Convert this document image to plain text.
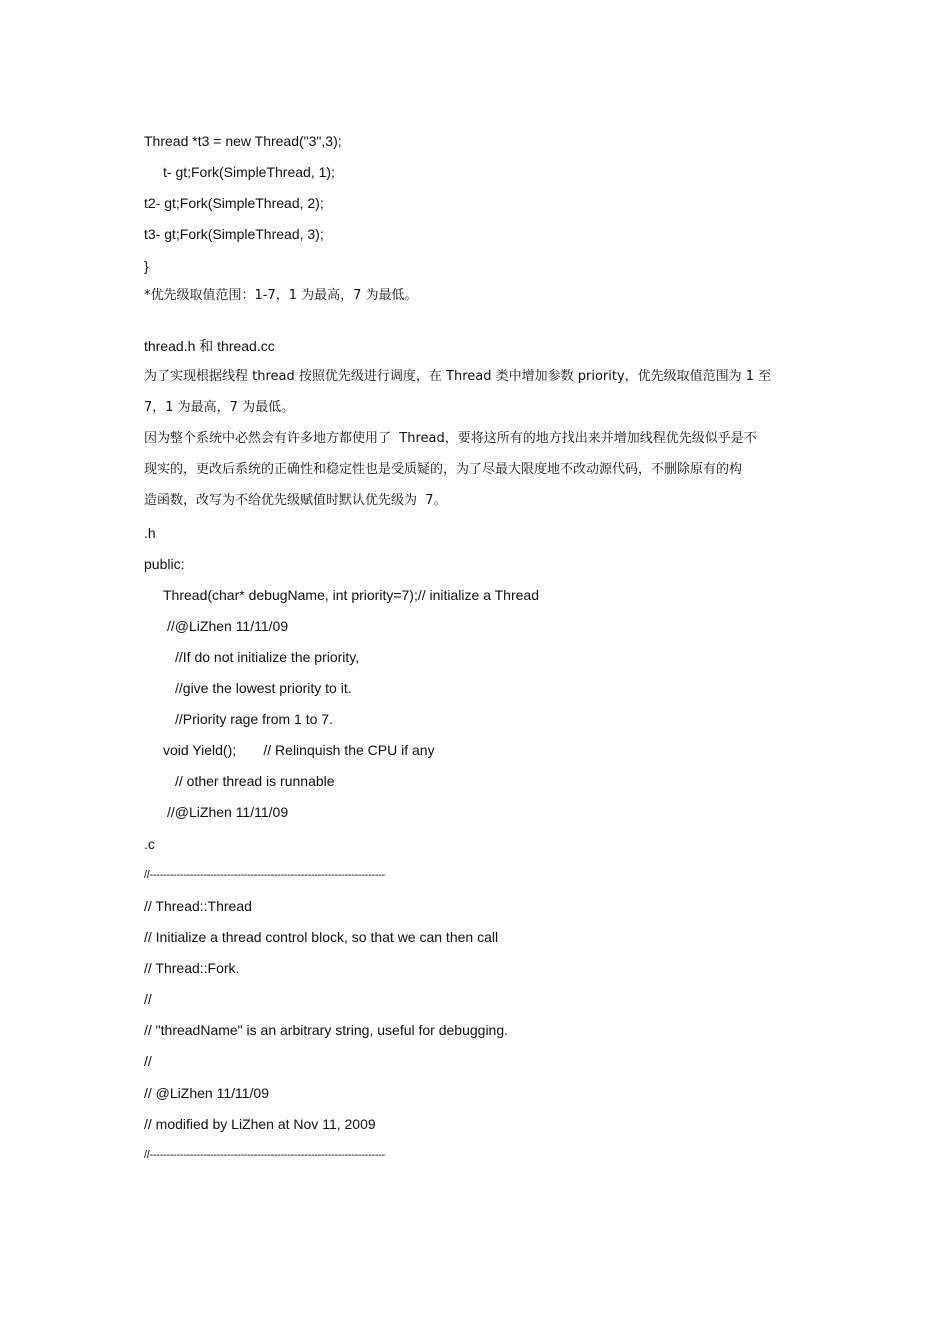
Thread *t3 = new Thread("3",3);
t- gt;Fork(SimpleThread, 1);
t2- gt;Fork(SimpleThread, 2);
t3- gt;Fork(SimpleThread, 3);
}
*优先级取值范围：1-7，1 为最高，7 为最低。
thread.h 和 thread.cc
为了实现根据线程 thread 按照优先级进行调度，在 Thread 类中增加参数 priority，优先级取值范围为 1 至
7，1 为最高，7 为最低。
因为整个系统中必然会有许多地方都使用了  Thread，要将这所有的地方找出来并增加线程优先级似乎是不
现实的，更改后系统的正确性和稳定性也是受质疑的，为了尽最大限度地不改动源代码，不删除原有的构
造函数，改写为不给优先级赋值时默认优先级为  7。
.h
public:
Thread(char* debugName, int priority=7);// initialize a Thread
//@LiZhen 11/11/09
//If do not initialize the priority,
//give the lowest priority to it.
//Priority rage from 1 to 7.
void Yield();       // Relinquish the CPU if any
// other thread is runnable
//@LiZhen 11/11/09
.c
//----------------------------------------------------------------------
// Thread::Thread
// Initialize a thread control block, so that we can then call
// Thread::Fork.
//
// "threadName" is an arbitrary string, useful for debugging.
//
// @LiZhen 11/11/09
// modified by LiZhen at Nov 11, 2009
//----------------------------------------------------------------------
